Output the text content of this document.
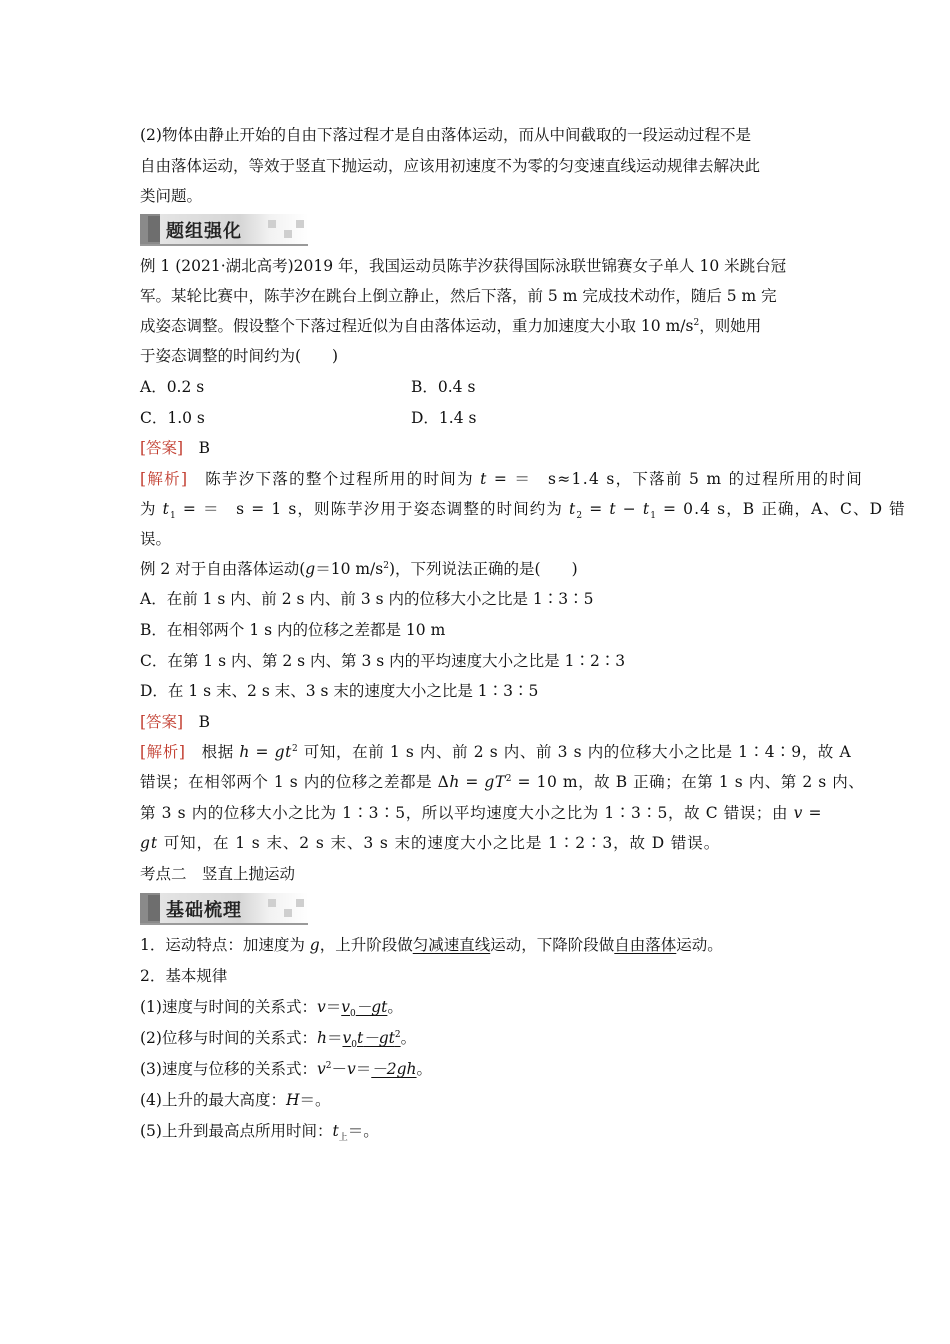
(2)物体由静止开始的自由下落过程才是自由落体运动，而从中间截取的一段运动过程不是
自由落体运动，等效于竖直下抛运动，应该用初速度不为零的匀变速直线运动规律去解决此
类问题。
题组强化
例 1 (2021·湖北高考)2019 年，我国运动员陈芋汐获得国际泳联世锦赛女子单人 10 米跳台冠
军。某轮比赛中，陈芋汐在跳台上倒立静止，然后下落，前 5 m 完成技术动作，随后 5 m 完
成姿态调整。假设整个下落过程近似为自由落体运动，重力加速度大小取 10 $m/s^2$，则她用
于姿态调整的时间约为(　　)
A．0.2 s	B．0.4 s
C．1.0 s	D．1.4 s
[答案]　 B
[解析]　 陈芋汐下落的整个过程所用的时间为 t = ＝　s≈1.4 s，下落前 5 m 的过程所用的时间
为 $t_1$ = ＝　s = 1 s，则陈芋汐用于姿态调整的时间约为 $t_2 = t - t_1 = 0.4$ s，B 正确，A、C、D 错
误。
例 2 对于自由落体运动(g＝10 $m/s^2$)，下列说法正确的是(　　)
A．在前 1 s 内、前 2 s 内、前 3 s 内的位移大小之比是 1∶3∶5
B．在相邻两个 1 s 内的位移之差都是 10 m
C．在第 1 s 内、第 2 s 内、第 3 s 内的平均速度大小之比是 1∶2∶3
D．在 1 s 末、2 s 末、3 s 末的速度大小之比是 1∶3∶5
[答案]　 B
[解析]　 根据 $h = gt^2$ 可知，在前 1 s 内、前 2 s 内、前 3 s 内的位移大小之比是 1∶4∶9，故 A
错误；在相邻两个 1 s 内的位移之差都是 $\Delta h = gT^2 = 10$ m，故 B 正确；在第 1 s 内、第 2 s 内、
第 3 s 内的位移大小之比为 1∶3∶5，所以平均速度大小之比为 1∶3∶5，故 C 错误；由 v =
gt 可知，在 1 s 末、2 s 末、3 s 末的速度大小之比是 1∶2∶3，故 D 错误。
考点二　竖直上抛运动
基础梳理
1．运动特点：加速度为 g，上升阶段做匀减速直线运动，下降阶段做自由落体运动。
2．基本规律
(1)速度与时间的关系式：$v=v_0-gt$。
(2)位移与时间的关系式：$h=v_0t-gt^2$。
(3)速度与位移的关系式：$v^2-v=-2gh$。
(4)上升的最大高度：H＝。
(5)上升到最高点所用时间：$t_上=$。
